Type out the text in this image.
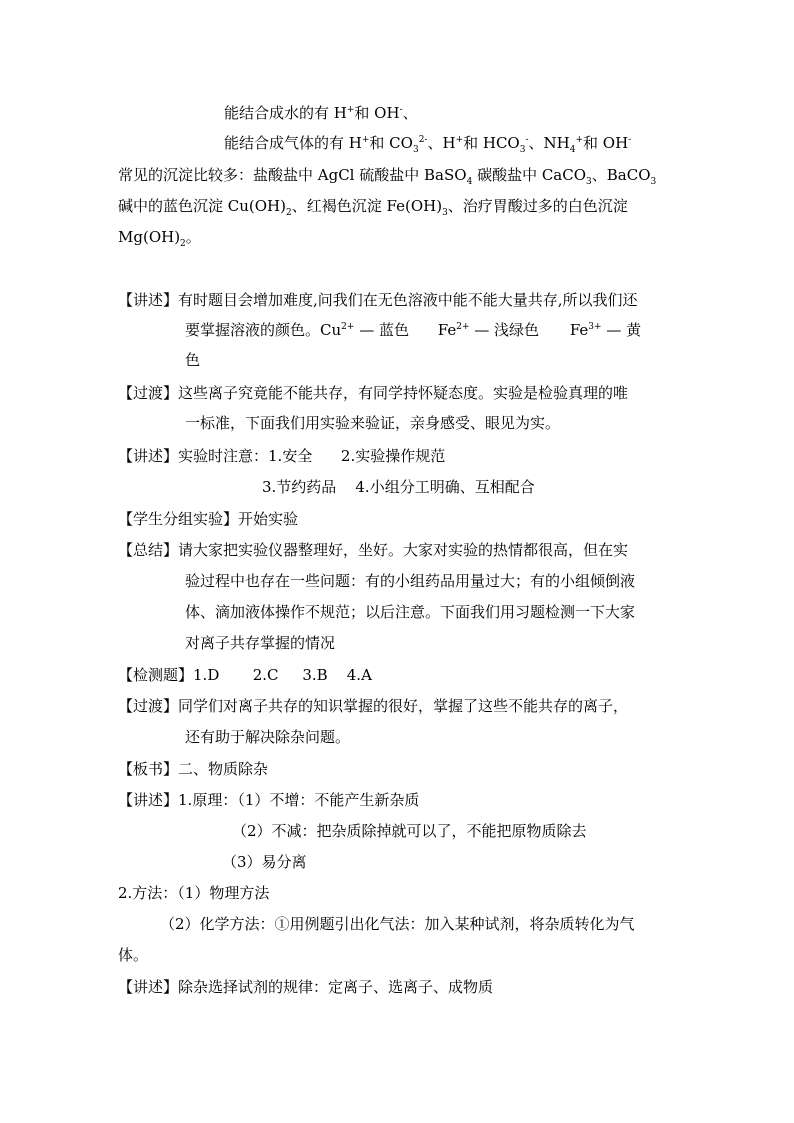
能结合成水的有 H+和 OH-、
能结合成气体的有 H+和 $CO_3^{2-}$、H+和 $HCO_3^-$、$NH_4^+$和 OH-
常见的沉淀比较多：盐酸盐中 AgCl 硫酸盐中 BaSO$_4$ 碳酸盐中 CaCO$_3$、BaCO$_3$
碱中的蓝色沉淀 $Cu(OH)_2$、红褐色沉淀 $Fe(OH)_3$、治疗胃酸过多的白色沉淀
$Mg(OH)_2$。
【讲述】有时题目会增加难度,问我们在无色溶液中能不能大量共存,所以我们还
要掌握溶液的颜色。$Cu^{2+}$ — 蓝色 $Fe^{2+}$ — 浅绿色 $Fe^{3+}$ — 黄
色
【过渡】这些离子究竟能不能共存，有同学持怀疑态度。实验是检验真理的唯
一标准，下面我们用实验来验证，亲身感受、眼见为实。
【讲述】实验时注意：1.安全      2.实验操作规范
3.节约药品    4.小组分工明确、互相配合
【学生分组实验】开始实验
【总结】请大家把实验仪器整理好，坐好。大家对实验的热情都很高，但在实
验过程中也存在一些问题：有的小组药品用量过大；有的小组倾倒液
体、滴加液体操作不规范；以后注意。下面我们用习题检测一下大家
对离子共存掌握的情况
【检测题】1.D       2.C     3.B    4.A
【过渡】同学们对离子共存的知识掌握的很好，掌握了这些不能共存的离子，
还有助于解决除杂问题。
【板书】二、物质除杂
【讲述】1.原理：（1）不增：不能产生新杂质
（2）不减：把杂质除掉就可以了，不能把原物质除去
（3）易分离
2.方法：（1）物理方法
（2）化学方法：①用例题引出化气法：加入某种试剂，将杂质转化为气
体。
【讲述】除杂选择试剂的规律：定离子、选离子、成物质
